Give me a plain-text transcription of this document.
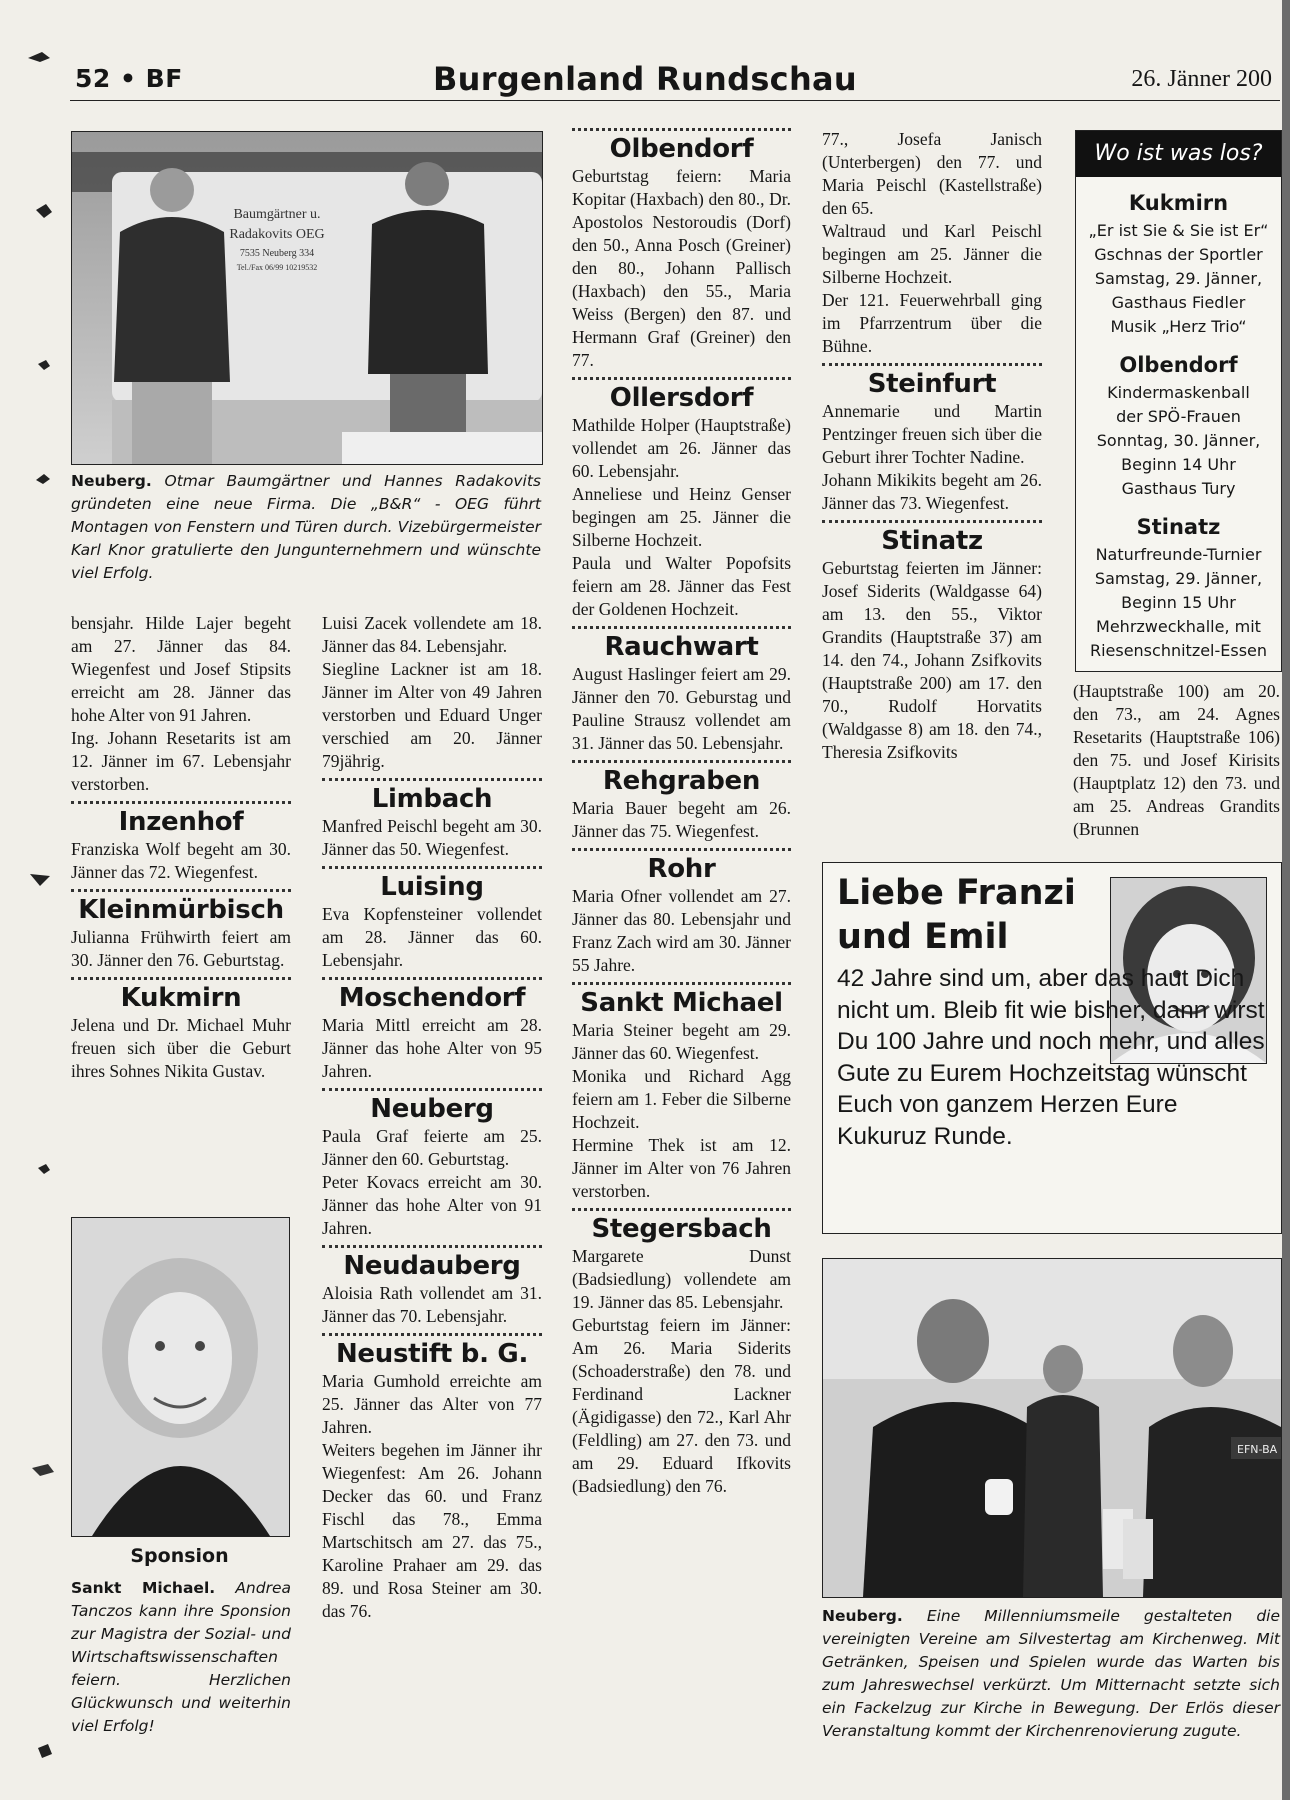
52 • BF	Burgenland Rundschau	26. Jänner 200
Baumgärtner u.
Radakovits OEG
7535 Neuberg 334
Tel./Fax 06/99 10219532
Neuberg. Otmar Baumgärtner und Hannes Radakovits gründeten eine neue Firma. Die „B&R“ - OEG führt Montagen von Fenstern und Türen durch. Vizebürgermeister Karl Knor gratulierte den Jungunternehmern und wünschte viel Erfolg.

bensjahr. Hilde Lajer begeht am 27. Jänner das 84. Wiegenfest und Josef Stipsits erreicht am 28. Jänner das hohe Alter von 91 Jahren.

Ing. Johann Resetarits ist am 12. Jänner im 67. Lebensjahr verstorben.

Inzenhof

Franziska Wolf begeht am 30. Jänner das 72. Wiegenfest.

Kleinmürbisch

Julianna Frühwirth feiert am 30. Jänner den 76. Geburtstag.

Kukmirn

Jelena und Dr. Michael Muhr freuen sich über die Geburt ihres Sohnes Nikita Gustav.

Sponsion
Sankt Michael. Andrea Tanczos kann ihre Sponsion zur Magistra der Sozial- und Wirtschaftswissenschaften feiern. Herzlichen Glückwunsch und weiterhin viel Erfolg!

Luisi Zacek vollendete am 18. Jänner das 84. Lebensjahr.

Siegline Lackner ist am 18. Jänner im Alter von 49 Jahren verstorben und Eduard Unger verschied am 20. Jänner 79jährig.

Limbach

Manfred Peischl begeht am 30. Jänner das 50. Wiegenfest.

Luising

Eva Kopfensteiner vollendet am 28. Jänner das 60. Lebensjahr.

Moschendorf

Maria Mittl erreicht am 28. Jänner das hohe Alter von 95 Jahren.

Neuberg

Paula Graf feierte am 25. Jänner den 60. Geburtstag.

Peter Kovacs erreicht am 30. Jänner das hohe Alter von 91 Jahren.

Neudauberg

Aloisia Rath vollendet am 31. Jänner das 70. Lebensjahr.

Neustift b. G.

Maria Gumhold erreichte am 25. Jänner das Alter von 77 Jahren.

Weiters begehen im Jänner ihr Wiegenfest: Am 26. Johann Decker das 60. und Franz Fischl das 78., Emma Martschitsch am 27. das 75., Karoline Prahaer am 29. das 89. und Rosa Steiner am 30. das 76.

Olbendorf

Geburtstag feiern: Maria Kopitar (Haxbach) den 80., Dr. Apostolos Nestoroudis (Dorf) den 50., Anna Posch (Greiner) den 80., Johann Pallisch (Haxbach) den 55., Maria Weiss (Bergen) den 87. und Hermann Graf (Greiner) den 77.

Ollersdorf

Mathilde Holper (Hauptstraße) vollendet am 26. Jänner das 60. Lebensjahr.

Anneliese und Heinz Genser begingen am 25. Jänner die Silberne Hochzeit.

Paula und Walter Popofsits feiern am 28. Jänner das Fest der Goldenen Hochzeit.

Rauchwart

August Haslinger feiert am 29. Jänner den 70. Geburstag und Pauline Strausz vollendet am 31. Jänner das 50. Lebensjahr.

Rehgraben

Maria Bauer begeht am 26. Jänner das 75. Wiegenfest.

Rohr

Maria Ofner vollendet am 27. Jänner das 80. Lebensjahr und Franz Zach wird am 30. Jänner 55 Jahre.

Sankt Michael

Maria Steiner begeht am 29. Jänner das 60. Wiegenfest.

Monika und Richard Agg feiern am 1. Feber die Silberne Hochzeit.

Hermine Thek ist am 12. Jänner im Alter von 76 Jahren verstorben.

Stegersbach

Margarete Dunst (Badsiedlung) vollendete am 19. Jänner das 85. Lebensjahr.

Geburtstag feiern im Jänner: Am 26. Maria Siderits (Schoaderstraße) den 78. und Ferdinand Lackner (Ägidigasse) den 72., Karl Ahr (Feldling) am 27. den 73. und am 29. Eduard Ifkovits (Badsiedlung) den 76.

77., Josefa Janisch (Unterbergen) den 77. und Maria Peischl (Kastellstraße) den 65.

Waltraud und Karl Peischl begingen am 25. Jänner die Silberne Hochzeit.

Der 121. Feuerwehrball ging im Pfarrzentrum über die Bühne.

Steinfurt

Annemarie und Martin Pentzinger freuen sich über die Geburt ihrer Tochter Nadine.

Johann Mikikits begeht am 26. Jänner das 73. Wiegenfest.

Stinatz

Geburtstag feierten im Jänner: Josef Siderits (Waldgasse 64) am 13. den 55., Viktor Grandits (Hauptstraße 37) am 14. den 74., Johann Zsifkovits (Hauptstraße 200) am 17. den 70., Rudolf Horvatits (Waldgasse 8) am 18. den 74., Theresia Zsifkovits

Wo ist was los?
Kukmirn
„Er ist Sie & Sie ist Er“
Gschnas der Sportler
Samstag, 29. Jänner,
Gasthaus Fiedler
Musik „Herz Trio“
Olbendorf
Kindermaskenball
der SPÖ-Frauen
Sonntag, 30. Jänner,
Beginn 14 Uhr
Gasthaus Tury
Stinatz
Naturfreunde-Turnier
Samstag, 29. Jänner,
Beginn 15 Uhr
Mehrzweckhalle, mit
Riesenschnitzel-Essen

(Hauptstraße 100) am 20. den 73., am 24. Agnes Resetarits (Hauptstraße 106) den 75. und Josef Kirisits (Hauptplatz 12) den 73. und am 25. Andreas Grandits (Brunnen

Liebe Franzi
und Emil
42 Jahre sind um, aber das haut Dich nicht um. Bleib fit wie bisher, dann wirst Du 100 Jahre und noch mehr, und alles Gute zu Eurem Hochzeitstag wünscht Euch von ganzem Herzen Eure Kukuruz Runde.
EFN-BA
Neuberg. Eine Millenniumsmeile gestalteten die vereinigten Vereine am Silvestertag am Kirchenweg. Mit Getränken, Speisen und Spielen wurde das Warten bis zum Jahreswechsel verkürzt. Um Mitternacht setzte sich ein Fackelzug zur Kirche in Bewegung. Der Erlös dieser Veranstaltung kommt der Kirchenrenovierung zugute.
